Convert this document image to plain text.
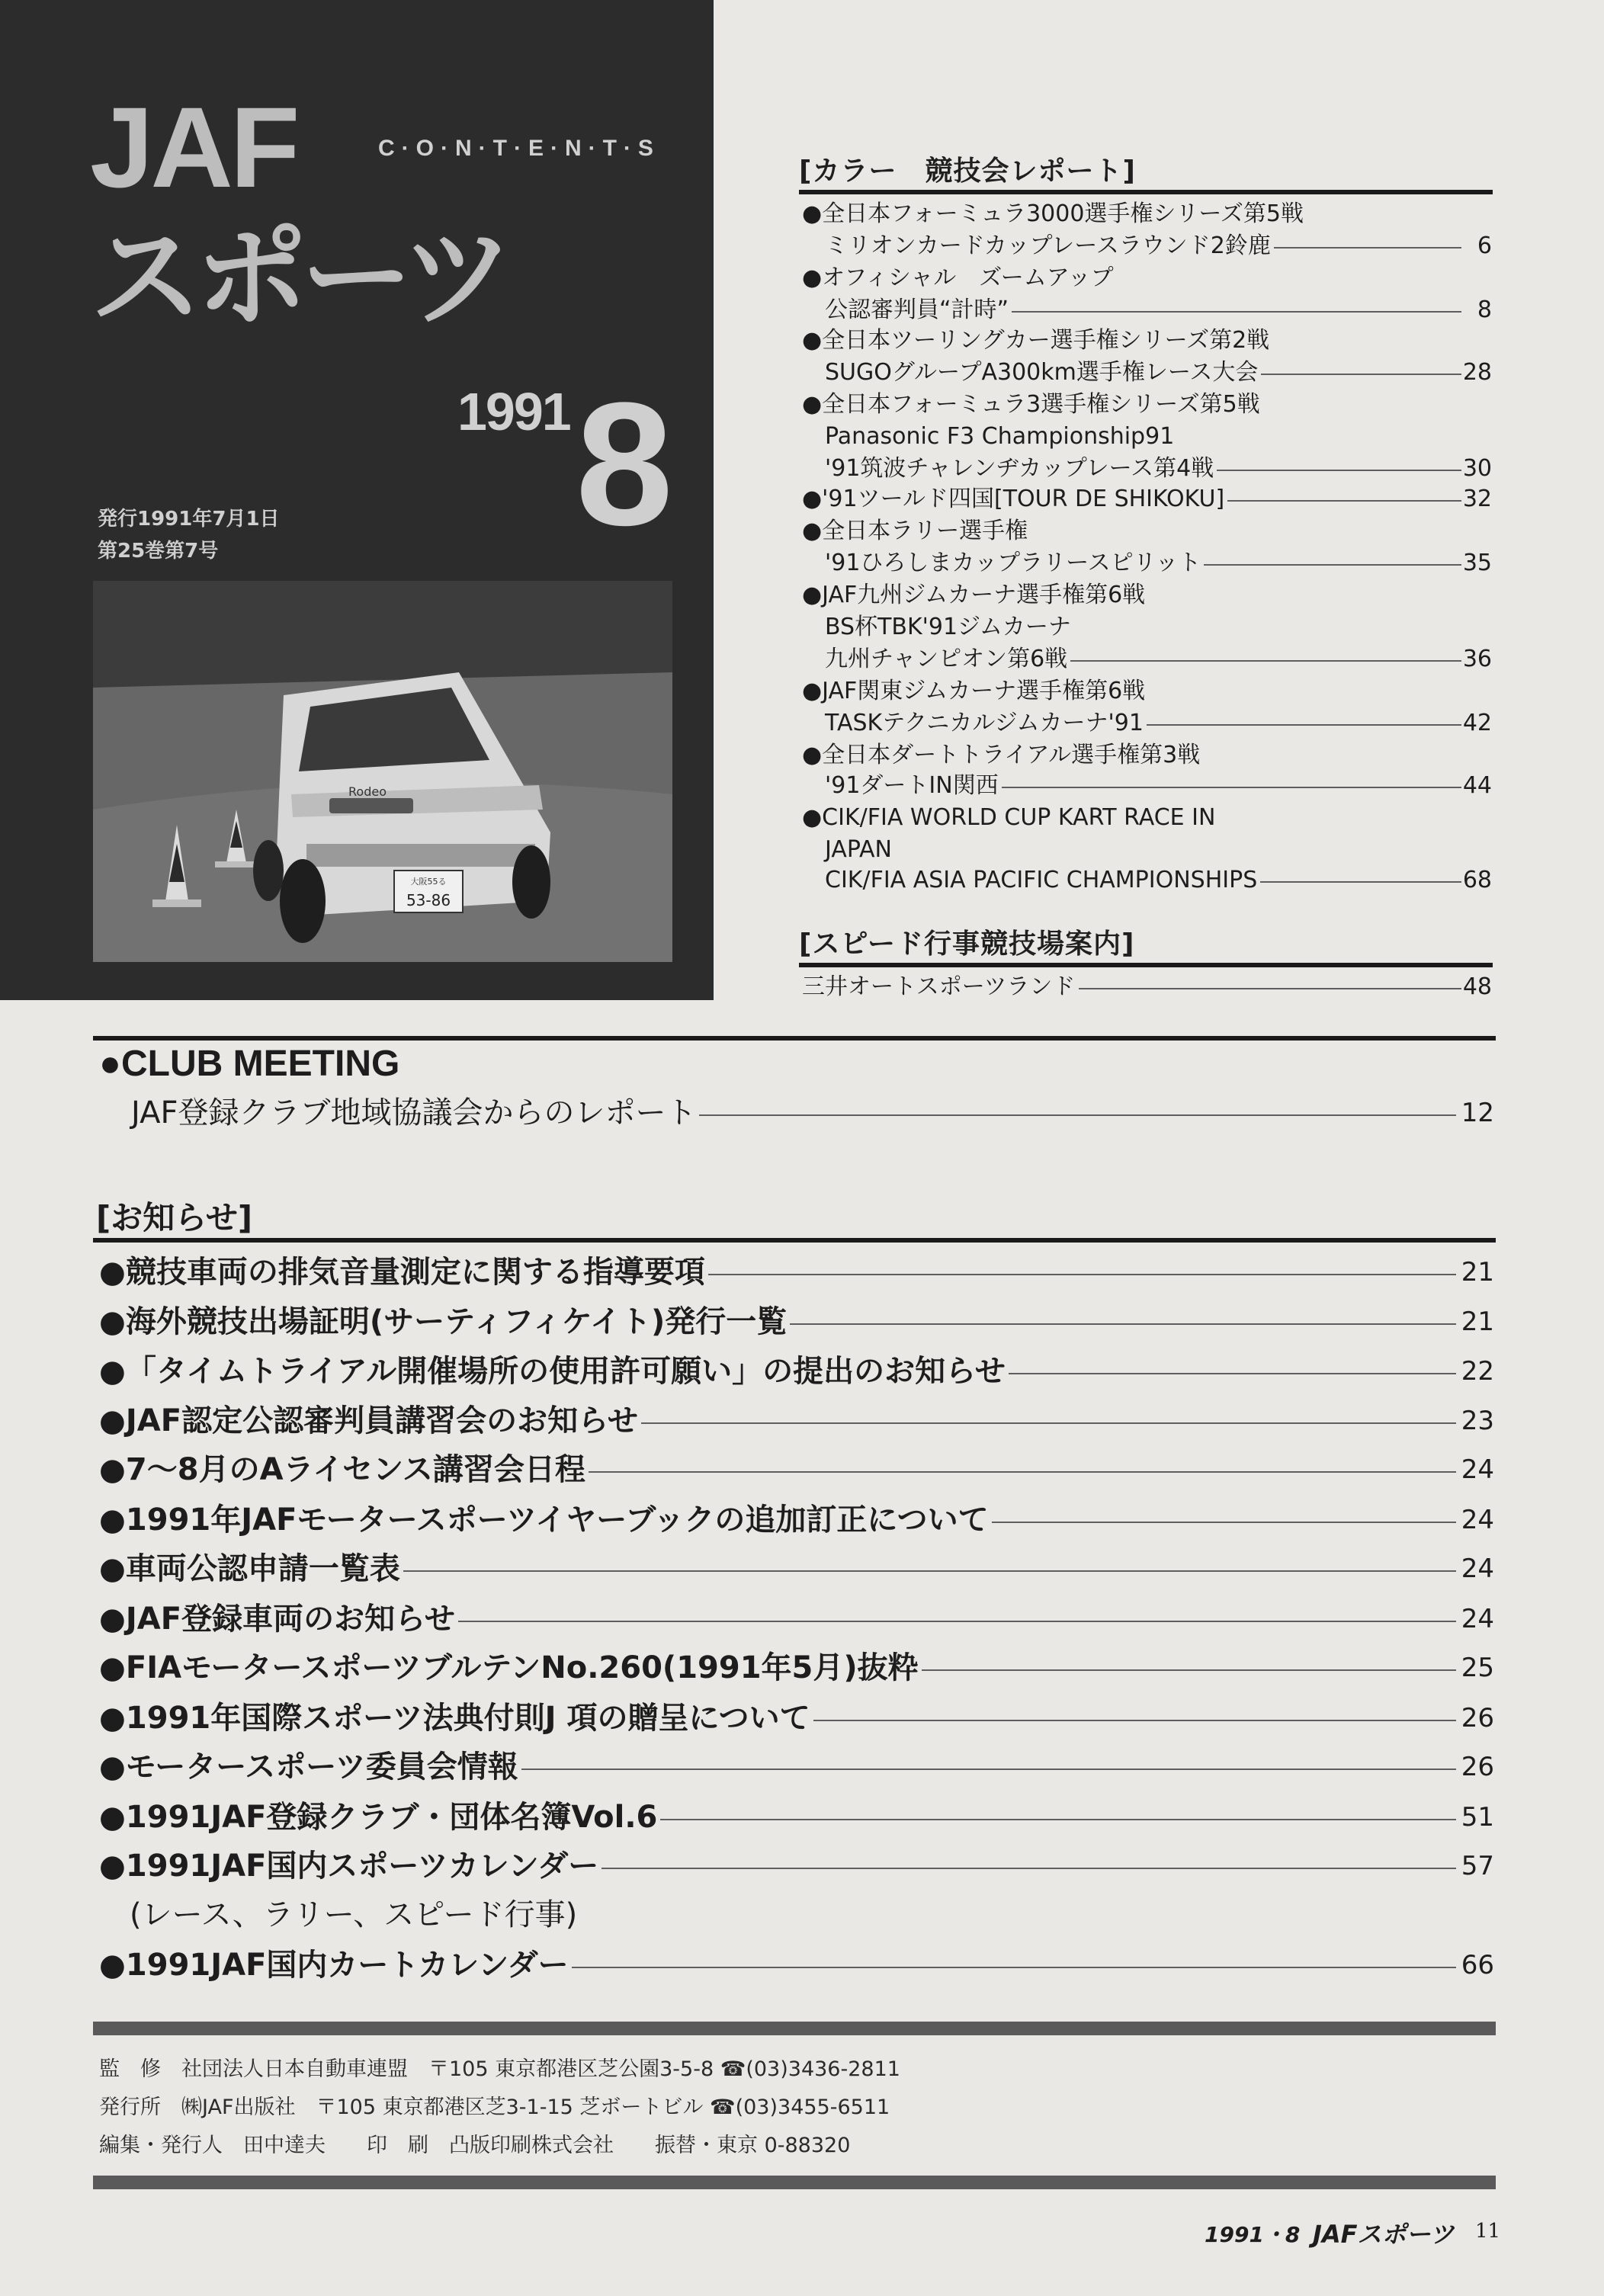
JAF
スポーツ
C·O·N·T·E·N·T·S
1991 8
発行1991年7月1日
第25巻第7号
Rodeo
大阪55る
53-86
[カラー　競技会レポート]
[スピード行事競技場案内]
三井オートスポーツランド	48
●CLUB MEETING
JAF登録クラブ地域協議会からのレポート	12
[お知らせ]
監　修　社団法人日本自動車連盟　〒105 東京都港区芝公園3-5-8 ☎(03)3436-2811
発行所　㈱JAF出版社　〒105 東京都港区芝3-1-15 芝ボートビル ☎(03)3455-6511
編集・発行人　田中達夫　　印　刷　凸版印刷株式会社　　振替・東京 0-88320
1991・8 JAFスポーツ 11
●全日本フォーミュラ3000選手権シリーズ第5戦
ミリオンカードカップレースラウンド2鈴鹿	6
●オフィシャル　ズームアップ
公認審判員“計時”	8
●全日本ツーリングカー選手権シリーズ第2戦
SUGOグループA300km選手権レース大会	28
●全日本フォーミュラ3選手権シリーズ第5戦
Panasonic F3 Championship91
'91筑波チャレンヂカップレース第4戦	30
●'91ツールド四国[TOUR DE SHIKOKU]	32
●全日本ラリー選手権
'91ひろしまカップラリースピリット	35
●JAF九州ジムカーナ選手権第6戦
BS杯TBK'91ジムカーナ
九州チャンピオン第6戦	36
●JAF関東ジムカーナ選手権第6戦
TASKテクニカルジムカーナ'91	42
●全日本ダートトライアル選手権第3戦
'91ダートIN関西	44
●CIK/FIA WORLD CUP KART RACE IN
JAPAN
CIK/FIA ASIA PACIFIC CHAMPIONSHIPS	68
●競技車両の排気音量測定に関する指導要項	21
●海外競技出場証明(サーティフィケイト)発行一覧	21
●「タイムトライアル開催場所の使用許可願い」の提出のお知らせ	22
●JAF認定公認審判員講習会のお知らせ	23
●7〜8月のAライセンス講習会日程	24
●1991年JAFモータースポーツイヤーブックの追加訂正について	24
●車両公認申請一覧表	24
●JAF登録車両のお知らせ	24
●FIAモータースポーツブルテンNo.260(1991年5月)抜粋	25
●1991年国際スポーツ法典付則J 項の贈呈について	26
●モータースポーツ委員会情報	26
●1991JAF登録クラブ・団体名簿Vol.6	51
●1991JAF国内スポーツカレンダー	57
(レース、ラリー、スピード行事)
●1991JAF国内カートカレンダー	66
